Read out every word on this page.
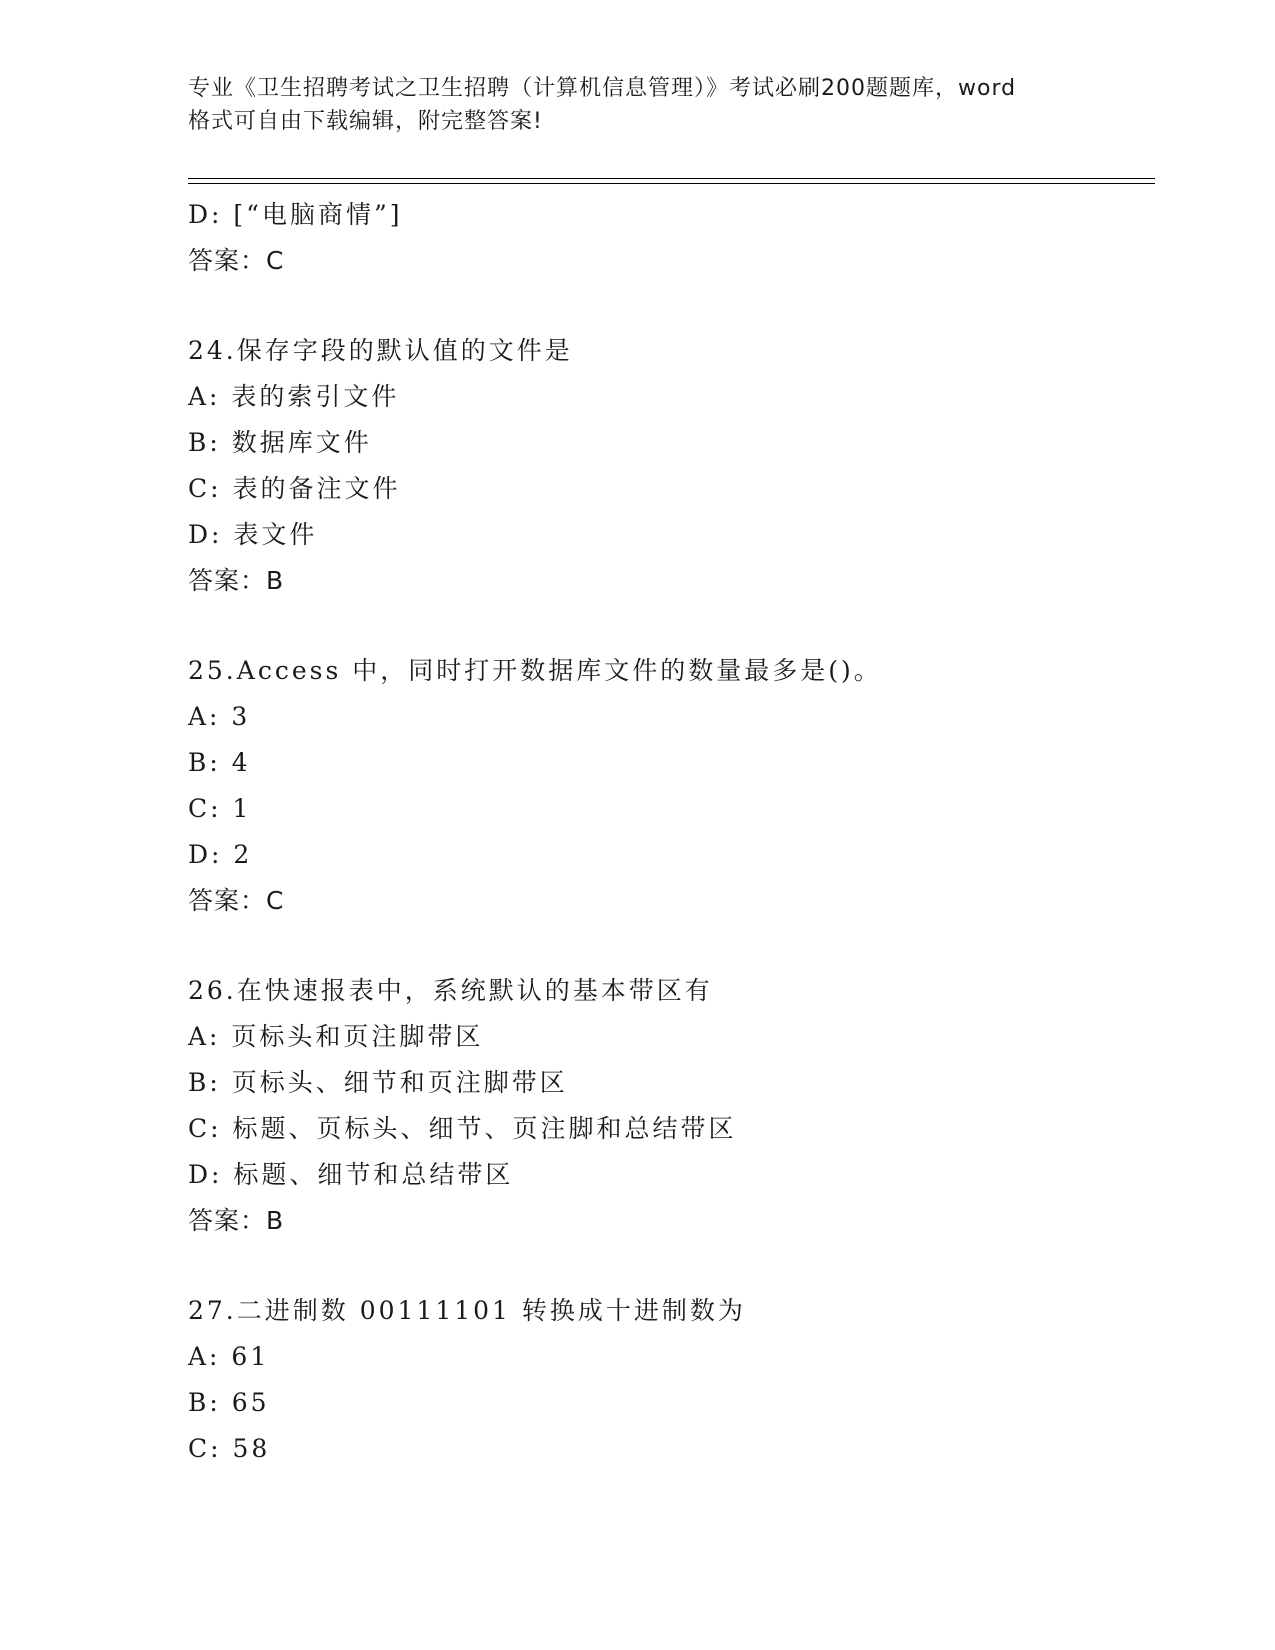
专业《卫生招聘考试之卫生招聘（计算机信息管理）》考试必刷200题题库，word
格式可自由下载编辑，附完整答案!
D: [“电脑商情”]
答案：C
24.保存字段的默认值的文件是
A: 表的索引文件
B: 数据库文件
C: 表的备注文件
D: 表文件
答案：B
25.Access 中，同时打开数据库文件的数量最多是()。
A: 3
B: 4
C: 1
D: 2
答案：C
26.在快速报表中，系统默认的基本带区有
A: 页标头和页注脚带区
B: 页标头、细节和页注脚带区
C: 标题、页标头、细节、页注脚和总结带区
D: 标题、细节和总结带区
答案：B
27.二进制数 00111101 转换成十进制数为
A: 61
B: 65
C: 58
